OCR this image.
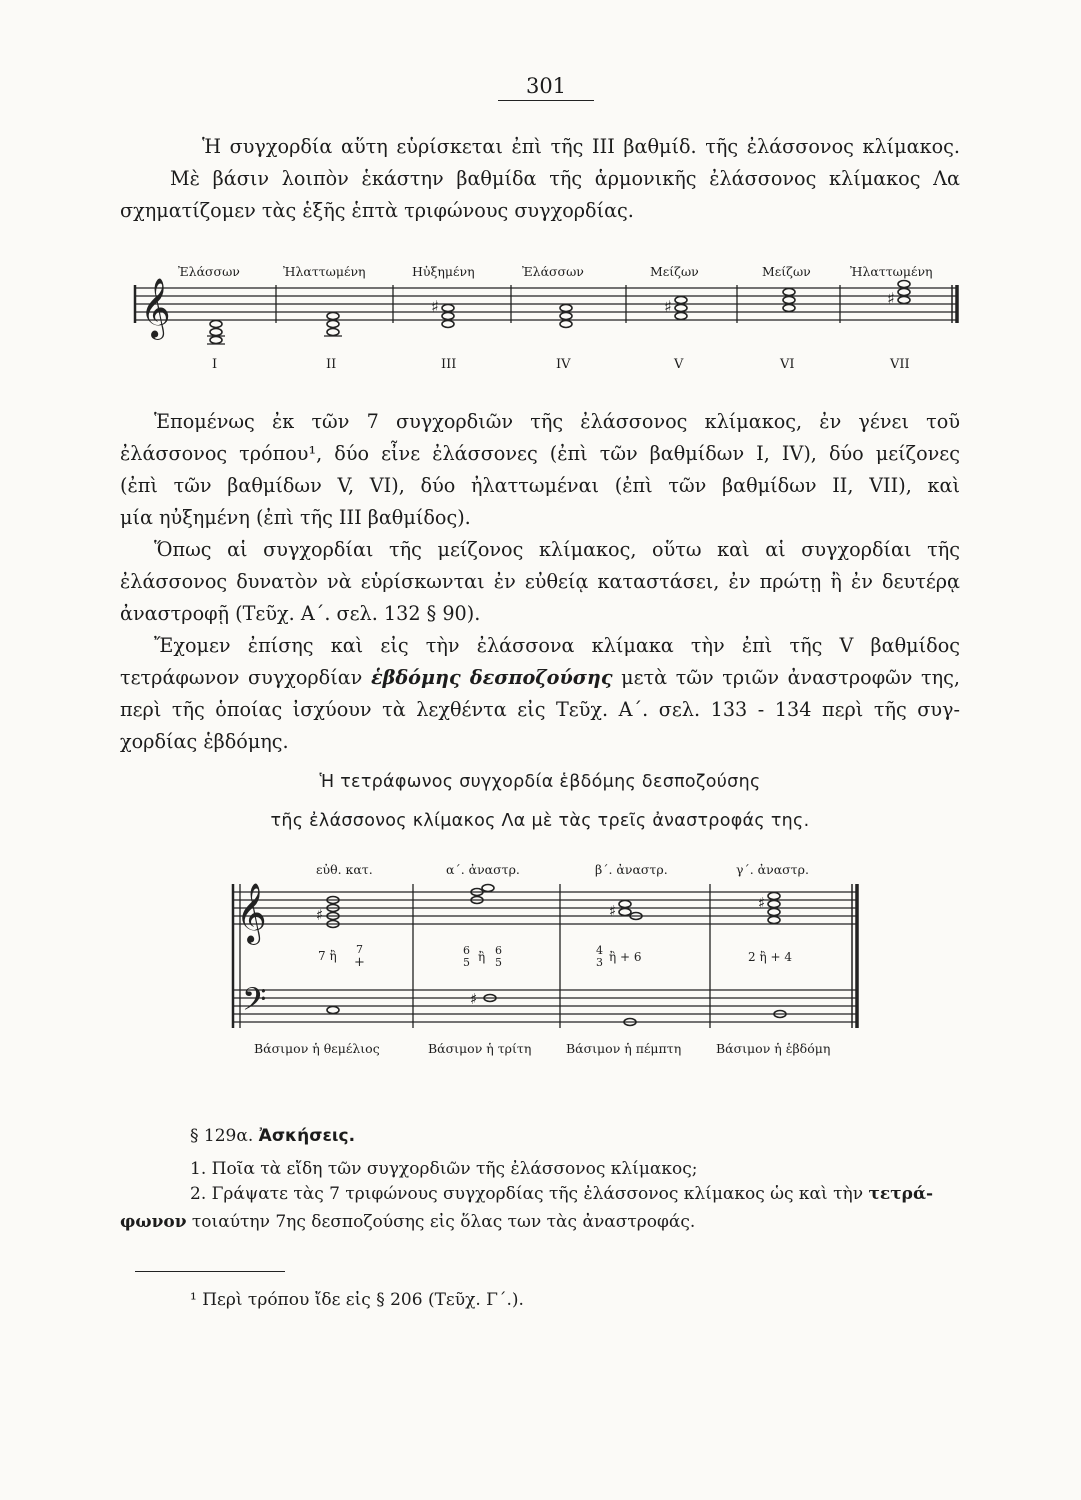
301
Ἡ συγχορδία αὕτη εὑρίσκεται ἐπὶ τῆς ΙΙΙ βαθμίδ. τῆς ἐλάσσονος κλίμακος.
Μὲ βάσιν λοιπὸν ἑκάστην βαθμίδα τῆς ἁρμονικῆς ἐλάσσονος κλίμακος Λα
σχηματίζομεν τὰς ἑξῆς ἑπτὰ τριφώνους συγχορδίας.
𝄞	♯	♯	♯
Ἐλάσσων	Ἠλαττωμένη	Ηὐξημένη	Ἐλάσσων	Μείζων	Μείζων	Ἠλαττωμένη
Ι	ΙΙ	ΙΙΙ	IV	V	VI	VII
Ἑπομένως ἐκ τῶν 7 συγχορδιῶν τῆς ἐλάσσονος κλίμακος, ἐν γένει τοῦ
ἐλάσσονος τρόπου¹, δύο εἶνε ἐλάσσονες (ἐπὶ τῶν βαθμίδων I, IV), δύο μείζονες
(ἐπὶ τῶν βαθμίδων V, VI), δύο ἠλαττωμέναι (ἐπὶ τῶν βαθμίδων II, VII), καὶ
μία ηὐξημένη (ἐπὶ τῆς ΙΙΙ βαθμίδος).
Ὅπως αἱ συγχορδίαι τῆς μείζονος κλίμακος, οὕτω καὶ αἱ συγχορδίαι τῆς
ἐλάσσονος δυνατὸν νὰ εὑρίσκωνται ἐν εὐθείᾳ καταστάσει, ἐν πρώτῃ ἢ ἐν δευτέρᾳ
ἀναστροφῇ (Τεῦχ. Α΄. σελ. 132 § 90).
Ἔχομεν ἐπίσης καὶ εἰς τὴν ἐλάσσονα κλίμακα τὴν ἐπὶ τῆς V βαθμίδος
τετράφωνον συγχορδίαν ἑβδόμης δεσποζούσης μετὰ τῶν τριῶν ἀναστροφῶν της,
περὶ τῆς ὁποίας ἰσχύουν τὰ λεχθέντα εἰς Τεῦχ. Α΄. σελ. 133 - 134 περὶ τῆς συγ-
χορδίας ἑβδόμης.
Ἡ τετράφωνος συγχορδία ἑβδόμης δεσποζούσης
τῆς ἐλάσσονος κλίμακος Λα μὲ τὰς τρεῖς ἀναστροφάς της.
εὐθ. κατ.	α΄. ἀναστρ.	β΄. ἀναστρ.	γ΄. ἀναστρ.
𝄞
𝄢
♯
♯
♯	♯
7 ἢ 7
+
6
5 ἢ 6
5
4
3 ἢ + 6	2 ἢ + 4
Βάσιμον ἡ θεμέλιος	Βάσιμον ἡ τρίτη	Βάσιμον ἡ πέμπτη	Βάσιμον ἡ ἑβδόμη
§ 129α. Ἀσκήσεις.
1. Ποῖα τὰ εἴδη τῶν συγχορδιῶν τῆς ἐλάσσονος κλίμακος;
2. Γράψατε τὰς 7 τριφώνους συγχορδίας τῆς ἐλάσσονος κλίμακος ὡς καὶ τὴν τετρά-
φωνον τοιαύτην 7ης δεσποζούσης εἰς ὅλας των τὰς ἀναστροφάς.
¹ Περὶ τρόπου ἴδε εἰς § 206 (Τεῦχ. Γ΄.).
